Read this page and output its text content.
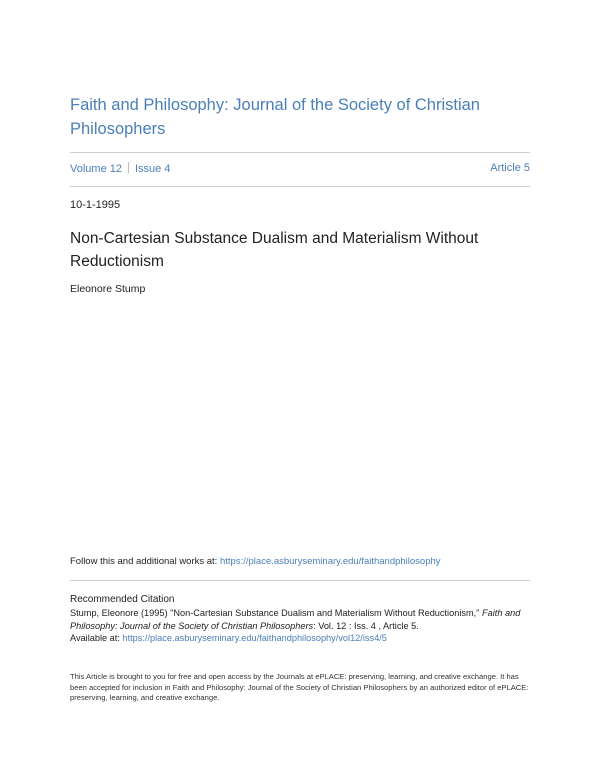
Faith and Philosophy: Journal of the Society of Christian Philosophers
Volume 12 Issue 4	Article 5
10-1-1995
Non-Cartesian Substance Dualism and Materialism Without Reductionism
Eleonore Stump
Follow this and additional works at: https://place.asburyseminary.edu/faithandphilosophy
Recommended Citation
Stump, Eleonore (1995) "Non-Cartesian Substance Dualism and Materialism Without Reductionism," Faith and Philosophy: Journal of the Society of Christian Philosophers: Vol. 12 : Iss. 4 , Article 5.
Available at: https://place.asburyseminary.edu/faithandphilosophy/vol12/iss4/5
This Article is brought to you for free and open access by the Journals at ePLACE: preserving, learning, and creative exchange. It has been accepted for inclusion in Faith and Philosophy: Journal of the Society of Christian Philosophers by an authorized editor of ePLACE: preserving, learning, and creative exchange.
